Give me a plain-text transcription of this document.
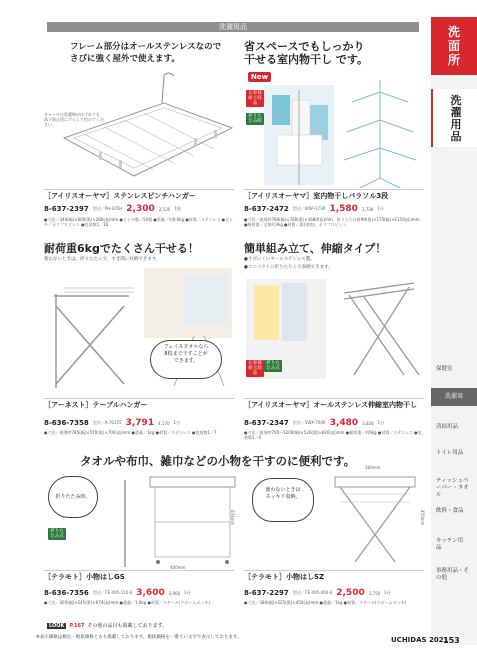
洗濯用品	洗
面
所
洗
濯
用
品
保健室
洗濯用
清掃用品
トイレ用品
ティッシュペーパー・タオル
飲料・食品
キッチン用品
事務用品・その他
フレーム部分はオールステンレスなので
さびに強く屋外で使えます。
キャッチは洗濯物がはずれても
落下防止用にずらして付けてください。
［アイリスオーヤマ］ステンレスピンチハンガー
8-637-2397 型式／PH-S05H 2,300 2,530 1個
●寸法／340(幅)×600(奥)×280(高)mm ●ピンチ数／50個 ●重量／約0.6kg ●材質／ステンレス ●ピンチ／ポリプロピレン ●包装数1／10
省スペースでもしっかり
干せる室内物干し です。
New
お客様組立商品
折りたたみ時
［アイリスオーヤマ］室内物干しパラソル3段
8-637-2472 型式／WSP-173R 1,580 1,738 1台
●寸法／使用時780(幅)×780(奥)×1680(高)mm、折りたたみ時99(奥)×170(幅)×1150(高)mm ●耐荷重／全体約3kg ●材質／鉄(塗装)、ポリプロピレン
耐荷重6kgでたくさん干せる！
使わないときは、折りたたんで、すき間に収納できます。
フェイスタオルなら
8枚まで干すことが
できます。
［アーネスト］テーブルハンガー
8-636-7358 型式／A-76355 3,791 4,170 1台
●寸法／使用時785(幅)×570(奥)×700(高)mm ●重量／1kg ●材質／ステンレス ●包装数1／7
簡単組み立て、伸縮タイプ！
●さびにくいオールステンレス製。
●コンパクトに折りたたんで収納できます。
お客様組立商品
折りたたみ式
［アイリスオーヤマ］オールステンレス伸縮室内物干し
8-637-2347 型式／SWX-700R 3,480 3,828 1台
●寸法／使用時700〜1200(幅)×520(奥)×820(高)mm ●耐荷重／約6kg ●材質／ステンレス ●包装数1／6
タオルや布巾、雑巾などの小物を干すのに便利です。
折りたたみ時。
折りたたみ式
400mm
674mm
［テラモト］小物はしGS
8-636-7356 型式／CE-495-110-0 3,600 3,960 1台
●寸法／405(幅)×245(奥)×674(高)mm ●重量／1.6kg ●材質／スチール(クロームメッキ)
使わないときは
スッキリ収納。
380mm
450mm
［テラモト］小物はしSZ
8-637-2297 型式／CE-495-400-0 2,500 2,750 1台
●寸法／380(幅)×225(奥)×450(高)mm ●重量／1kg ●材質／スチール(クロームメッキ)
LOOK	P.167 その他の品目も掲載しております。
※表示価格は税込・税抜価格ともも掲載しております。税抜価格を一番大い文字で表示しております。	UCHIDAS 2021
153
